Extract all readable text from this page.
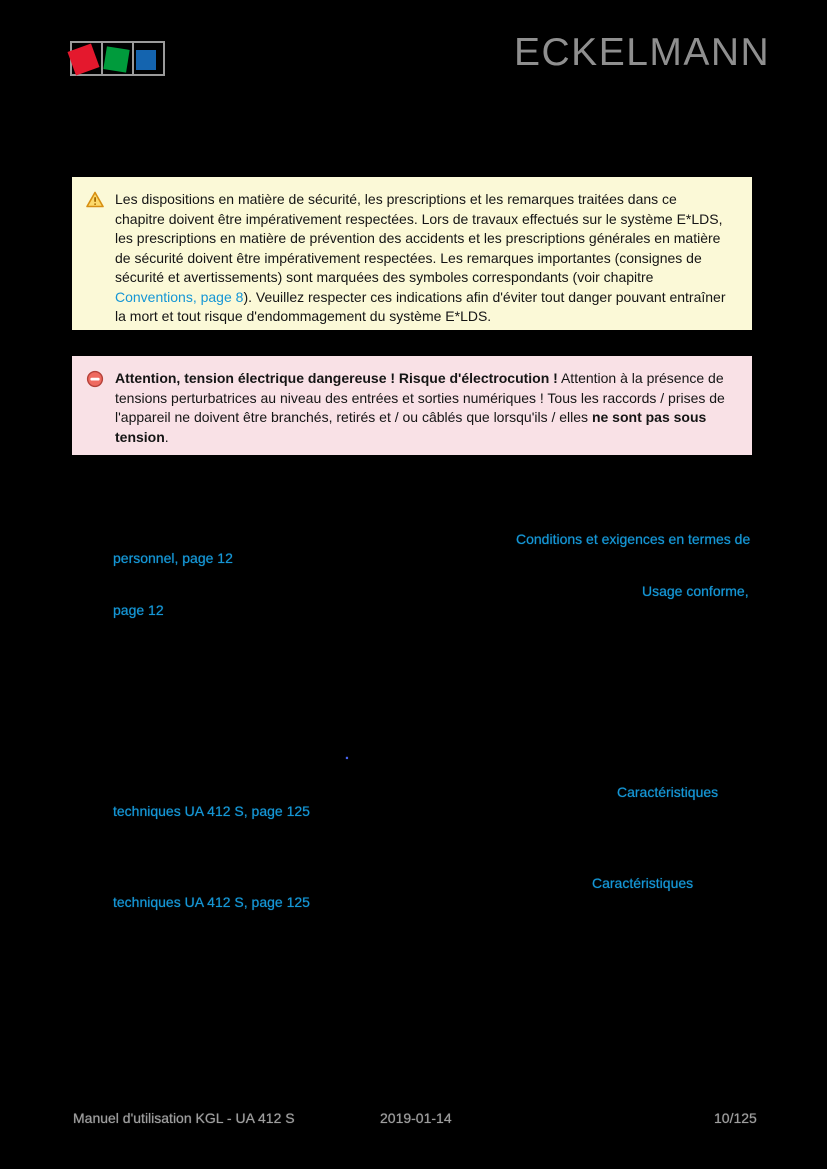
ECKELMANN

Les dispositions en matière de sécurité, les prescriptions et les remarques traitées dans ce chapitre doivent être impérativement respectées. Lors de travaux effectués sur le système E*LDS, les prescriptions en matière de prévention des accidents et les prescriptions générales en matière de sécurité doivent être impérativement respectées. Les remarques importantes (consignes de sécurité et avertissements) sont marquées des symboles correspondants (voir chapitre Conventions, page 8). Veuillez respecter ces indications afin d'éviter tout danger pouvant entraîner la mort et tout risque d'endommagement du système E*LDS.

Attention, tension électrique dangereuse ! Risque d'électrocution ! Attention à la présence de tensions perturbatrices au niveau des entrées et sorties numériques ! Tous les raccords / prises de l'appareil ne doivent être branchés, retirés et / ou câblés que lorsqu'ils / elles ne sont pas sous tension.

Conditions et exigences en termes de
personnel, page 12
Usage conforme,
page 12
.
Caractéristiques
techniques UA 412 S, page 125
Caractéristiques
techniques UA 412 S, page 125
Manuel d'utilisation KGL - UA 412 S	2019-01-14	10/125
